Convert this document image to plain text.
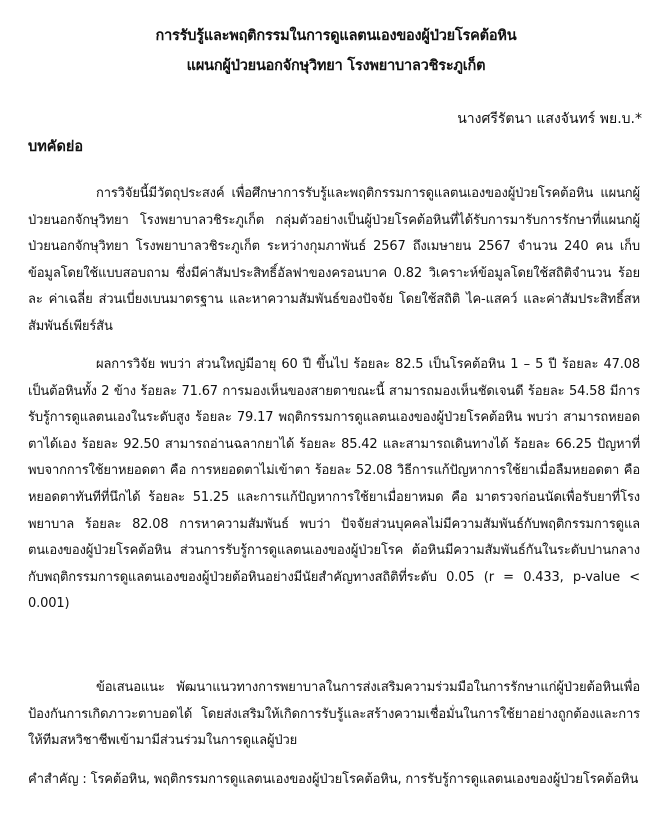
การรับรู้และพฤติกรรมในการดูแลตนเองของผู้ป่วยโรคต้อหิน
แผนกผู้ป่วยนอกจักษุวิทยา โรงพยาบาลวชิระภูเก็ต
นางศรีรัตนา แสงจันทร์ พย.บ.*
บทคัดย่อ

การวิจัยนี้มีวัตถุประสงค์ เพื่อศึกษาการรับรู้และพฤติกรรมการดูแลตนเองของผู้ป่วยโรคต้อหิน แผนกผู้ป่วยนอกจักษุวิทยา โรงพยาบาลวชิระภูเก็ต กลุ่มตัวอย่างเป็นผู้ป่วยโรคต้อหินที่ได้รับการมารับการรักษาที่แผนกผู้ป่วยนอกจักษุวิทยา โรงพยาบาลวชิระภูเก็ต ระหว่างกุมภาพันธ์ 2567 ถึงเมษายน 2567 จำนวน 240 คน เก็บข้อมูลโดยใช้แบบสอบถาม ซึ่งมีค่าสัมประสิทธิ์อัลฟาของครอนบาค 0.82 วิเคราะห์ข้อมูลโดยใช้สถิติจำนวน ร้อยละ ค่าเฉลี่ย ส่วนเบี่ยงเบนมาตรฐาน และหาความสัมพันธ์ของปัจจัย โดยใช้สถิติ ไค-แสคว์ และค่าสัมประสิทธิ์สหสัมพันธ์เพียร์สัน

ผลการวิจัย พบว่า ส่วนใหญ่มีอายุ 60 ปี ขึ้นไป ร้อยละ 82.5 เป็นโรคต้อหิน 1 – 5 ปี ร้อยละ 47.08 เป็นต้อหินทั้ง 2 ข้าง ร้อยละ 71.67 การมองเห็นของสายตาขณะนี้ สามารถมองเห็นชัดเจนดี ร้อยละ 54.58 มีการรับรู้การดูแลตนเองในระดับสูง ร้อยละ 79.17 พฤติกรรมการดูแลตนเองของผู้ป่วยโรคต้อหิน พบว่า สามารถหยอดตาได้เอง ร้อยละ 92.50 สามารถอ่านฉลากยาได้ ร้อยละ 85.42 และสามารถเดินทางได้ ร้อยละ 66.25 ปัญหาที่พบจากการใช้ยาหยอดตา คือ การหยอดตาไม่เข้าตา ร้อยละ 52.08 วิธีการแก้ปัญหาการใช้ยาเมื่อลืมหยอดตา คือ หยอดตาทันทีที่นึกได้ ร้อยละ 51.25 และการแก้ปัญหาการใช้ยาเมื่อยาหมด คือ มาตรวจก่อนนัดเพื่อรับยาที่โรงพยาบาล ร้อยละ 82.08 การหาความสัมพันธ์ พบว่า ปัจจัยส่วนบุคคลไม่มีความสัมพันธ์กับพฤติกรรมการดูแลตนเองของผู้ป่วยโรคต้อหิน ส่วนการรับรู้การดูแลตนเองของผู้ป่วยโรค ต้อหินมีความสัมพันธ์กันในระดับปานกลางกับพฤติกรรมการดูแลตนเองของผู้ป่วยต้อหินอย่างมีนัยสำคัญทางสถิติที่ระดับ 0.05 (r = 0.433, p-value < 0.001)

ข้อเสนอแนะ พัฒนาแนวทางการพยาบาลในการส่งเสริมความร่วมมือในการรักษาแก่ผู้ป่วยต้อหินเพื่อป้องกันการเกิดภาวะตาบอดได้ โดยส่งเสริมให้เกิดการรับรู้และสร้างความเชื่อมั่นในการใช้ยาอย่างถูกต้องและการให้ทีมสหวิชาชีพเข้ามามีส่วนร่วมในการดูแลผู้ป่วย

คำสำคัญ : โรคต้อหิน, พฤติกรรมการดูแลตนเองของผู้ป่วยโรคต้อหิน, การรับรู้การดูแลตนเองของผู้ป่วยโรคต้อหิน
